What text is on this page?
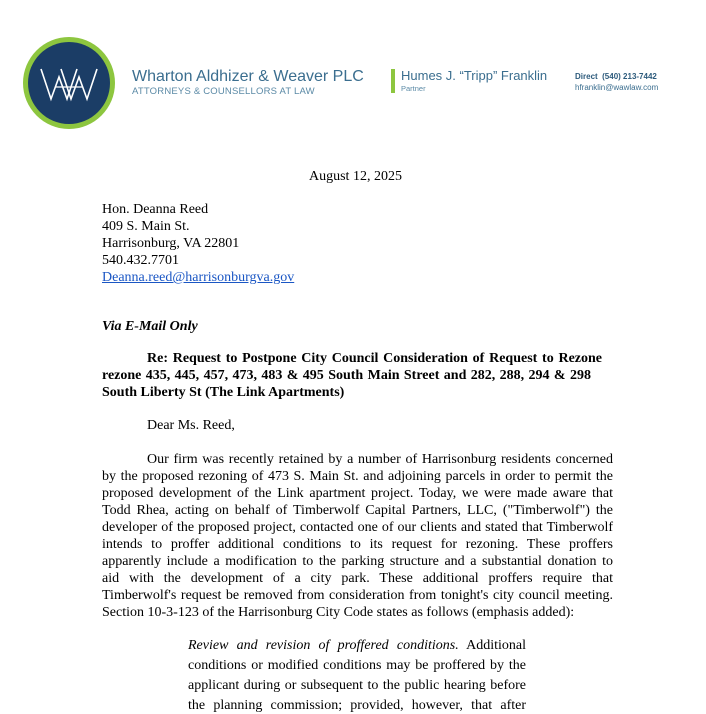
Wharton Aldhizer & Weaver PLC
ATTORNEYS & COUNSELLORS AT LAW
Humes J. “Tripp” Franklin
Partner
Direct (540) 213-7442
hfranklin@wawlaw.com
August 12, 2025
Hon. Deanna Reed
409 S. Main St.
Harrisonburg, VA 22801
540.432.7701
Deanna.reed@harrisonburgva.gov
Via E-Mail Only
Re: Request to Postpone City Council Consideration of Request to Rezone
rezone 435, 445, 457, 473, 483 & 495 South Main Street and 282, 288, 294 & 298
South Liberty St (The Link Apartments)
Dear Ms. Reed,
Our firm was recently retained by a number of Harrisonburg residents concerned
by the proposed rezoning of 473 S. Main St. and adjoining parcels in order to permit the
proposed development of the Link apartment project. Today, we were made aware that
Todd Rhea, acting on behalf of Timberwolf Capital Partners, LLC, ("Timberwolf") the
developer of the proposed project, contacted one of our clients and stated that Timberwolf
intends to proffer additional conditions to its request for rezoning. These proffers
apparently include a modification to the parking structure and a substantial donation to
aid with the development of a city park. These additional proffers require that
Timberwolf's request be removed from consideration from tonight's city council meeting.
Section 10-3-123 of the Harrisonburg City Code states as follows (emphasis added):
Review and revision of proffered conditions. Additional
conditions or modified conditions may be proffered by the
applicant during or subsequent to the public hearing before
the planning commission; provided, however, that after
